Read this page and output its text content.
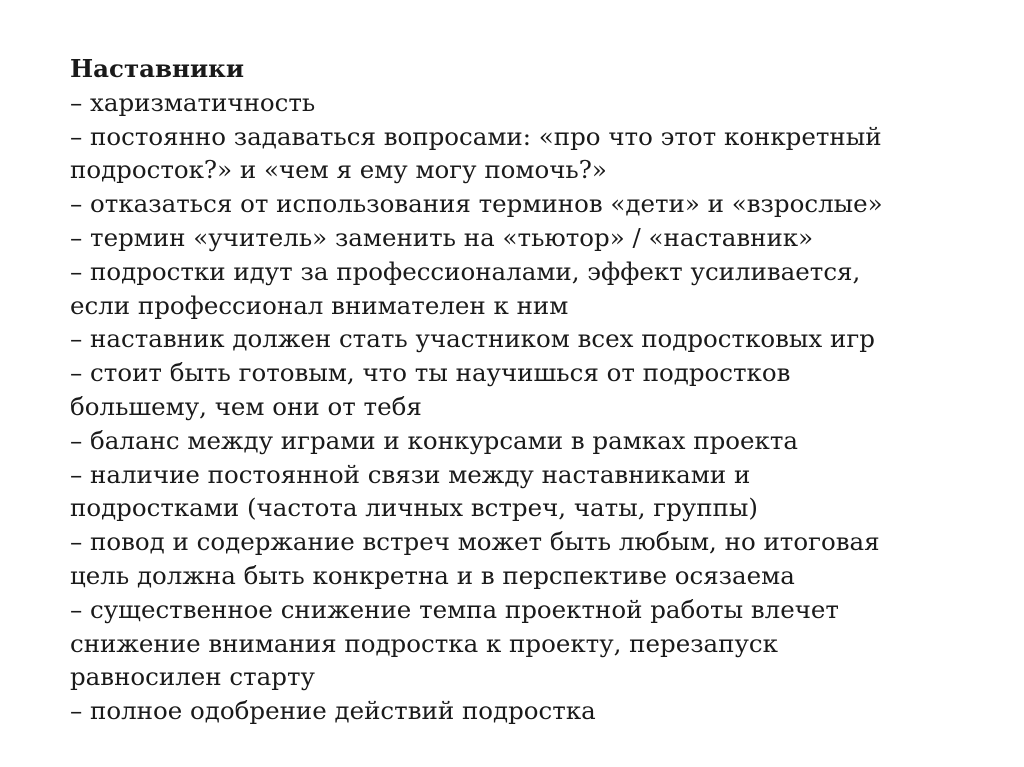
Наставники

– харизматичность

– постоянно задаваться вопросами: «про что этот конкретный

подросток?» и «чем я ему могу помочь?»

– отказаться от использования терминов «дети» и «взрослые»

– термин «учитель» заменить на «тьютор» / «наставник»

– подростки идут за профессионалами, эффект усиливается,

если профессионал внимателен к ним

– наставник должен стать участником всех подростковых игр

– стоит быть готовым, что ты научишься от подростков

большему, чем они от тебя

– баланс между играми и конкурсами в рамках проекта

– наличие постоянной связи между наставниками и

подростками (частота личных встреч, чаты, группы)

– повод и содержание встреч может быть любым, но итоговая

цель должна быть конкретна и в перспективе осязаема

– существенное снижение темпа проектной работы влечет

снижение внимания подростка к проекту, перезапуск

равносилен старту

– полное одобрение действий подростка
